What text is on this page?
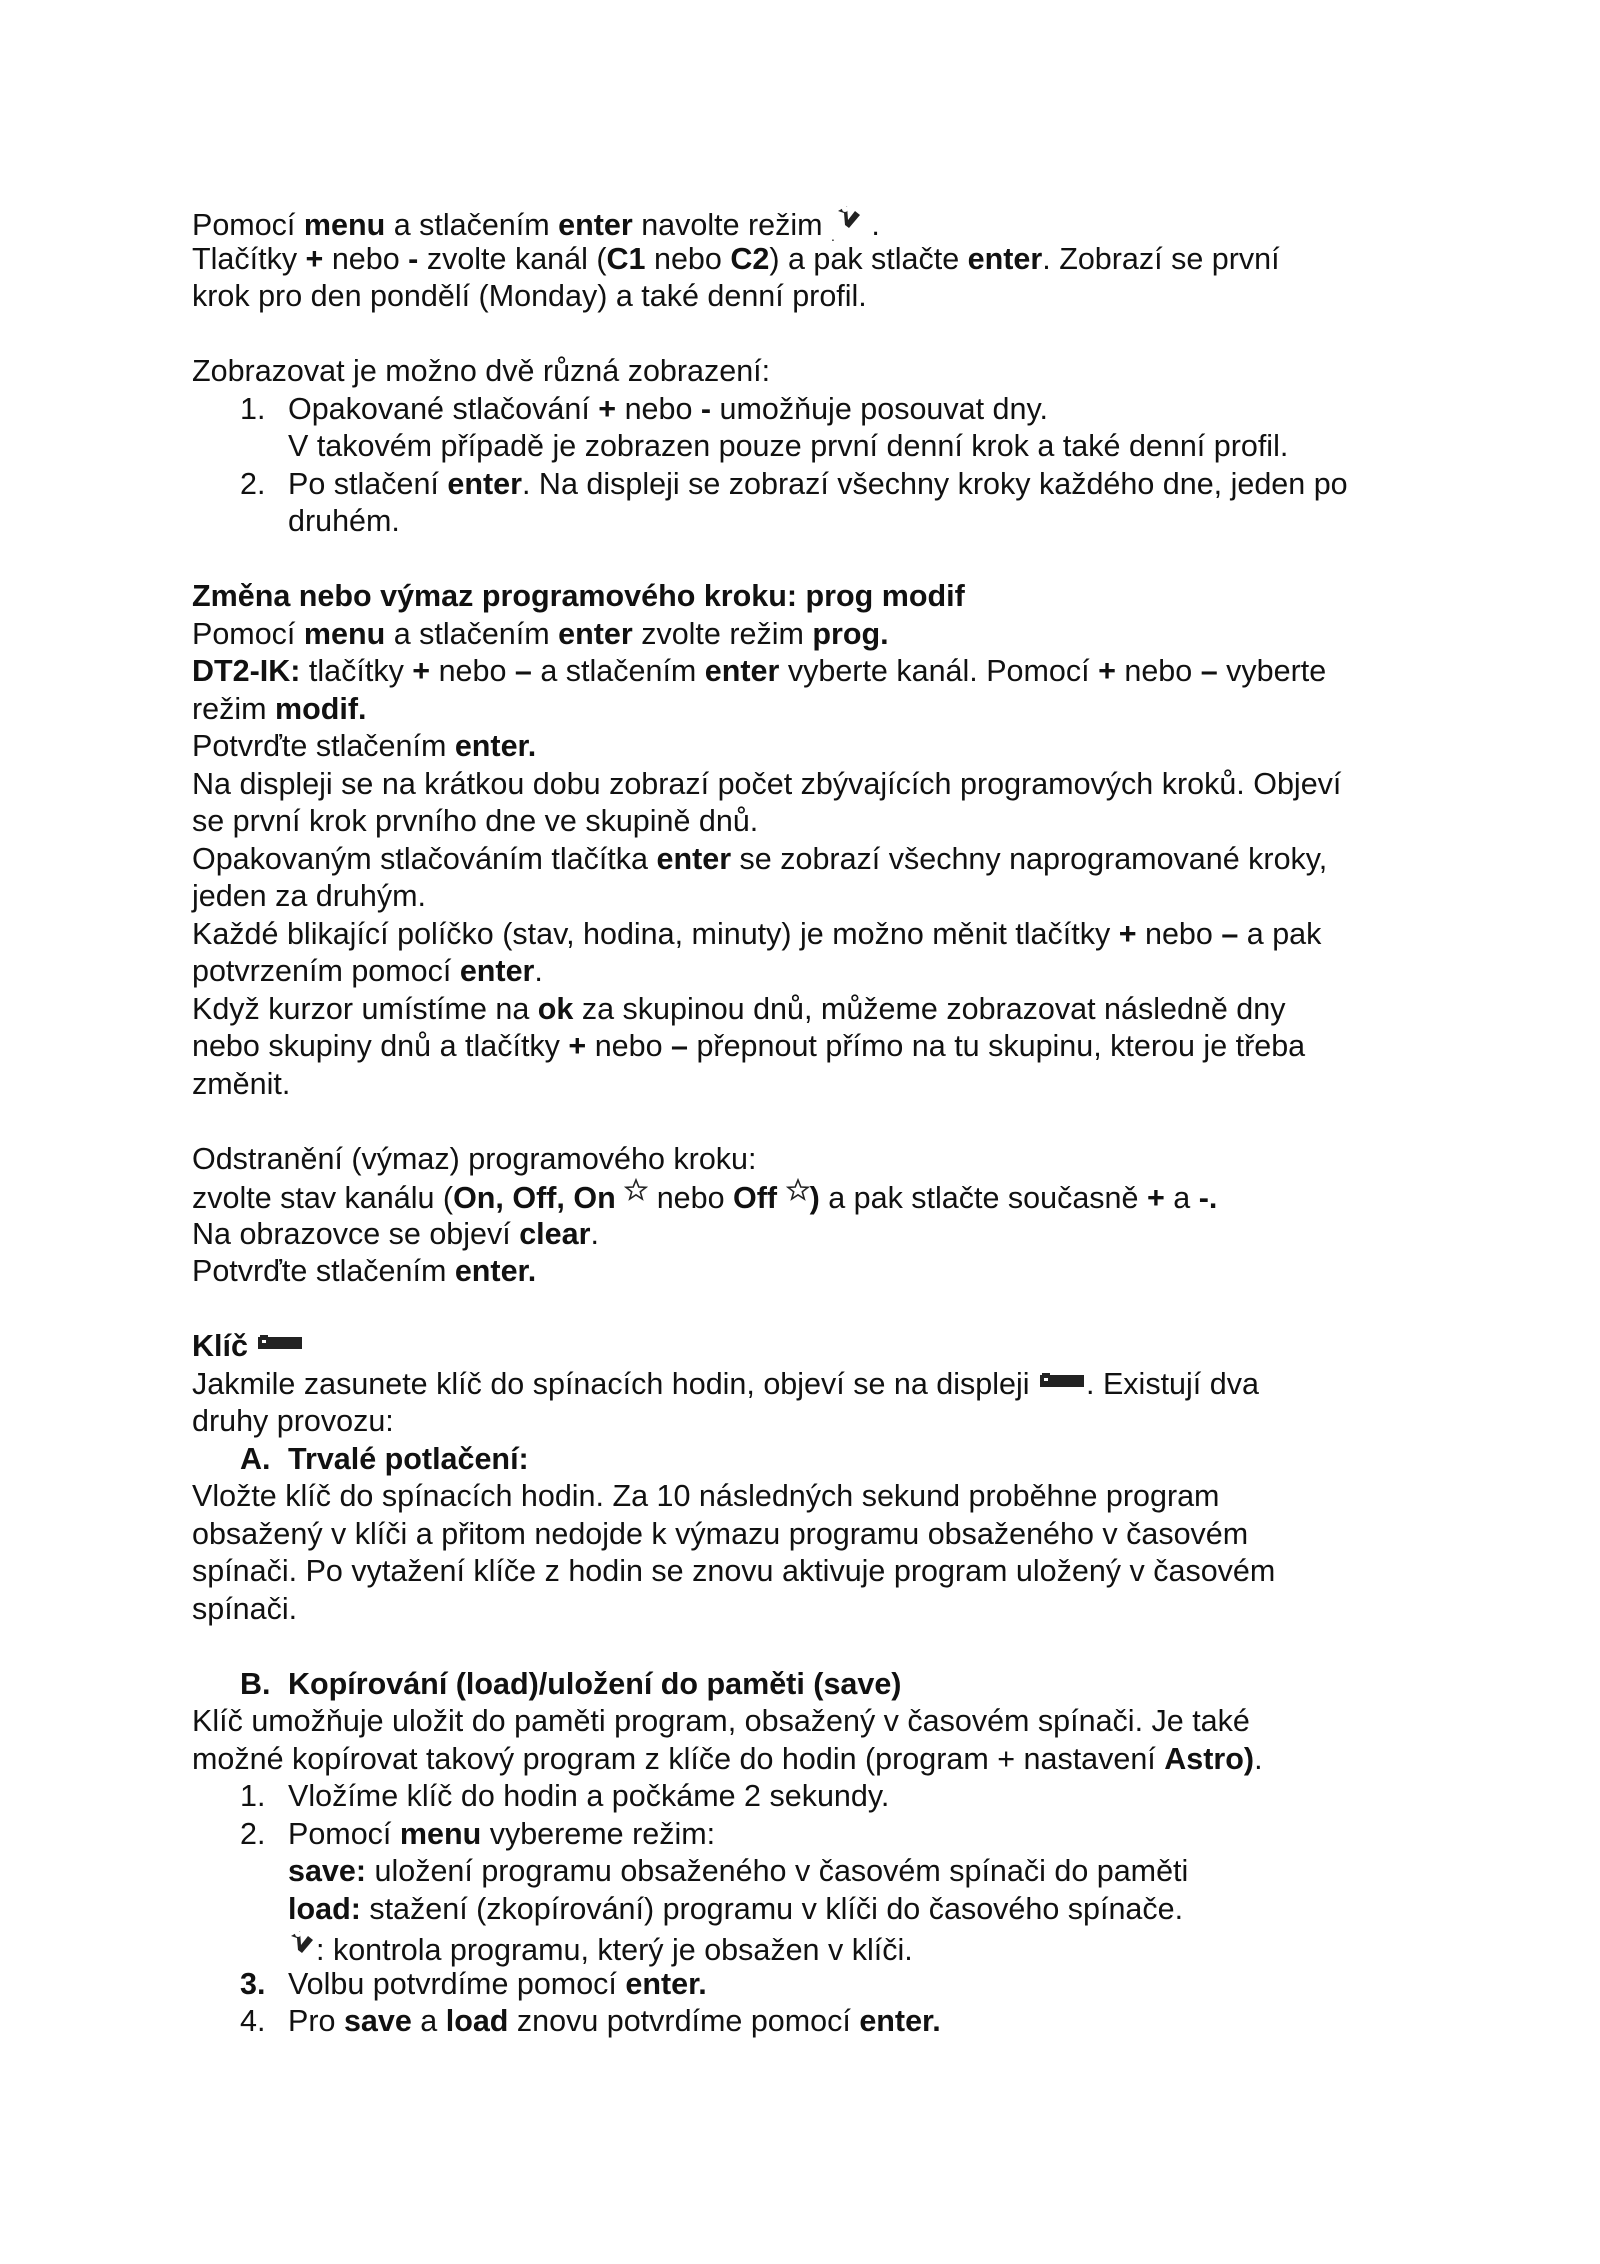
Pomocí menu a stlačením enter navolte režim . .
Tlačítky + nebo - zvolte kanál (C1 nebo C2) a pak stlačte enter. Zobrazí se první
krok pro den pondělí (Monday) a také denní profil.
Zobrazovat je možno dvě různá zobrazení:
1. Opakované stlačování + nebo - umožňuje posouvat dny.
V takovém případě je zobrazen pouze první denní krok a také denní profil.
2. Po stlačení enter. Na displeji se zobrazí všechny kroky každého dne, jeden po
druhém.
Změna nebo výmaz programového kroku: prog modif
Pomocí menu a stlačením enter zvolte režim prog.
DT2-IK: tlačítky + nebo – a stlačením enter vyberte kanál. Pomocí + nebo – vyberte
režim modif.
Potvrďte stlačením enter.
Na displeji se na krátkou dobu zobrazí počet zbývajících programových kroků. Objeví
se první krok prvního dne ve skupině dnů.
Opakovaným stlačováním tlačítka enter se zobrazí všechny naprogramované kroky,
jeden za druhým.
Každé blikající políčko (stav, hodina, minuty) je možno měnit tlačítky + nebo – a pak
potvrzením pomocí enter.
Když kurzor umístíme na ok za skupinou dnů, můžeme zobrazovat následně dny
nebo skupiny dnů a tlačítky + nebo – přepnout přímo na tu skupinu, kterou je třeba
změnit.
Odstranění (výmaz) programového kroku:
zvolte stav kanálu (On, Off, On  nebo Off ) a pak stlačte současně + a -.
Na obrazovce se objeví clear.
Potvrďte stlačením enter.
Klíč
Jakmile zasunete klíč do spínacích hodin, objeví se na displeji . Existují dva
druhy provozu:
A. Trvalé potlačení:
Vložte klíč do spínacích hodin. Za 10 následných sekund proběhne program
obsažený v klíči a přitom nedojde k výmazu programu obsaženého v časovém
spínači. Po vytažení klíče z hodin se znovu aktivuje program uložený v časovém
spínači.
B. Kopírování (load)/uložení do paměti (save)
Klíč umožňuje uložit do paměti program, obsažený v časovém spínači. Je také
možné kopírovat takový program z klíče do hodin (program + nastavení Astro).
1. Vložíme klíč do hodin a počkáme 2 sekundy.
2. Pomocí menu vybereme režim:
save: uložení programu obsaženého v časovém spínači do paměti
load: stažení (zkopírování) programu v klíči do časového spínače.
: kontrola programu, který je obsažen v klíči.
3. Volbu potvrdíme pomocí enter.
4. Pro save a load znovu potvrdíme pomocí enter.
